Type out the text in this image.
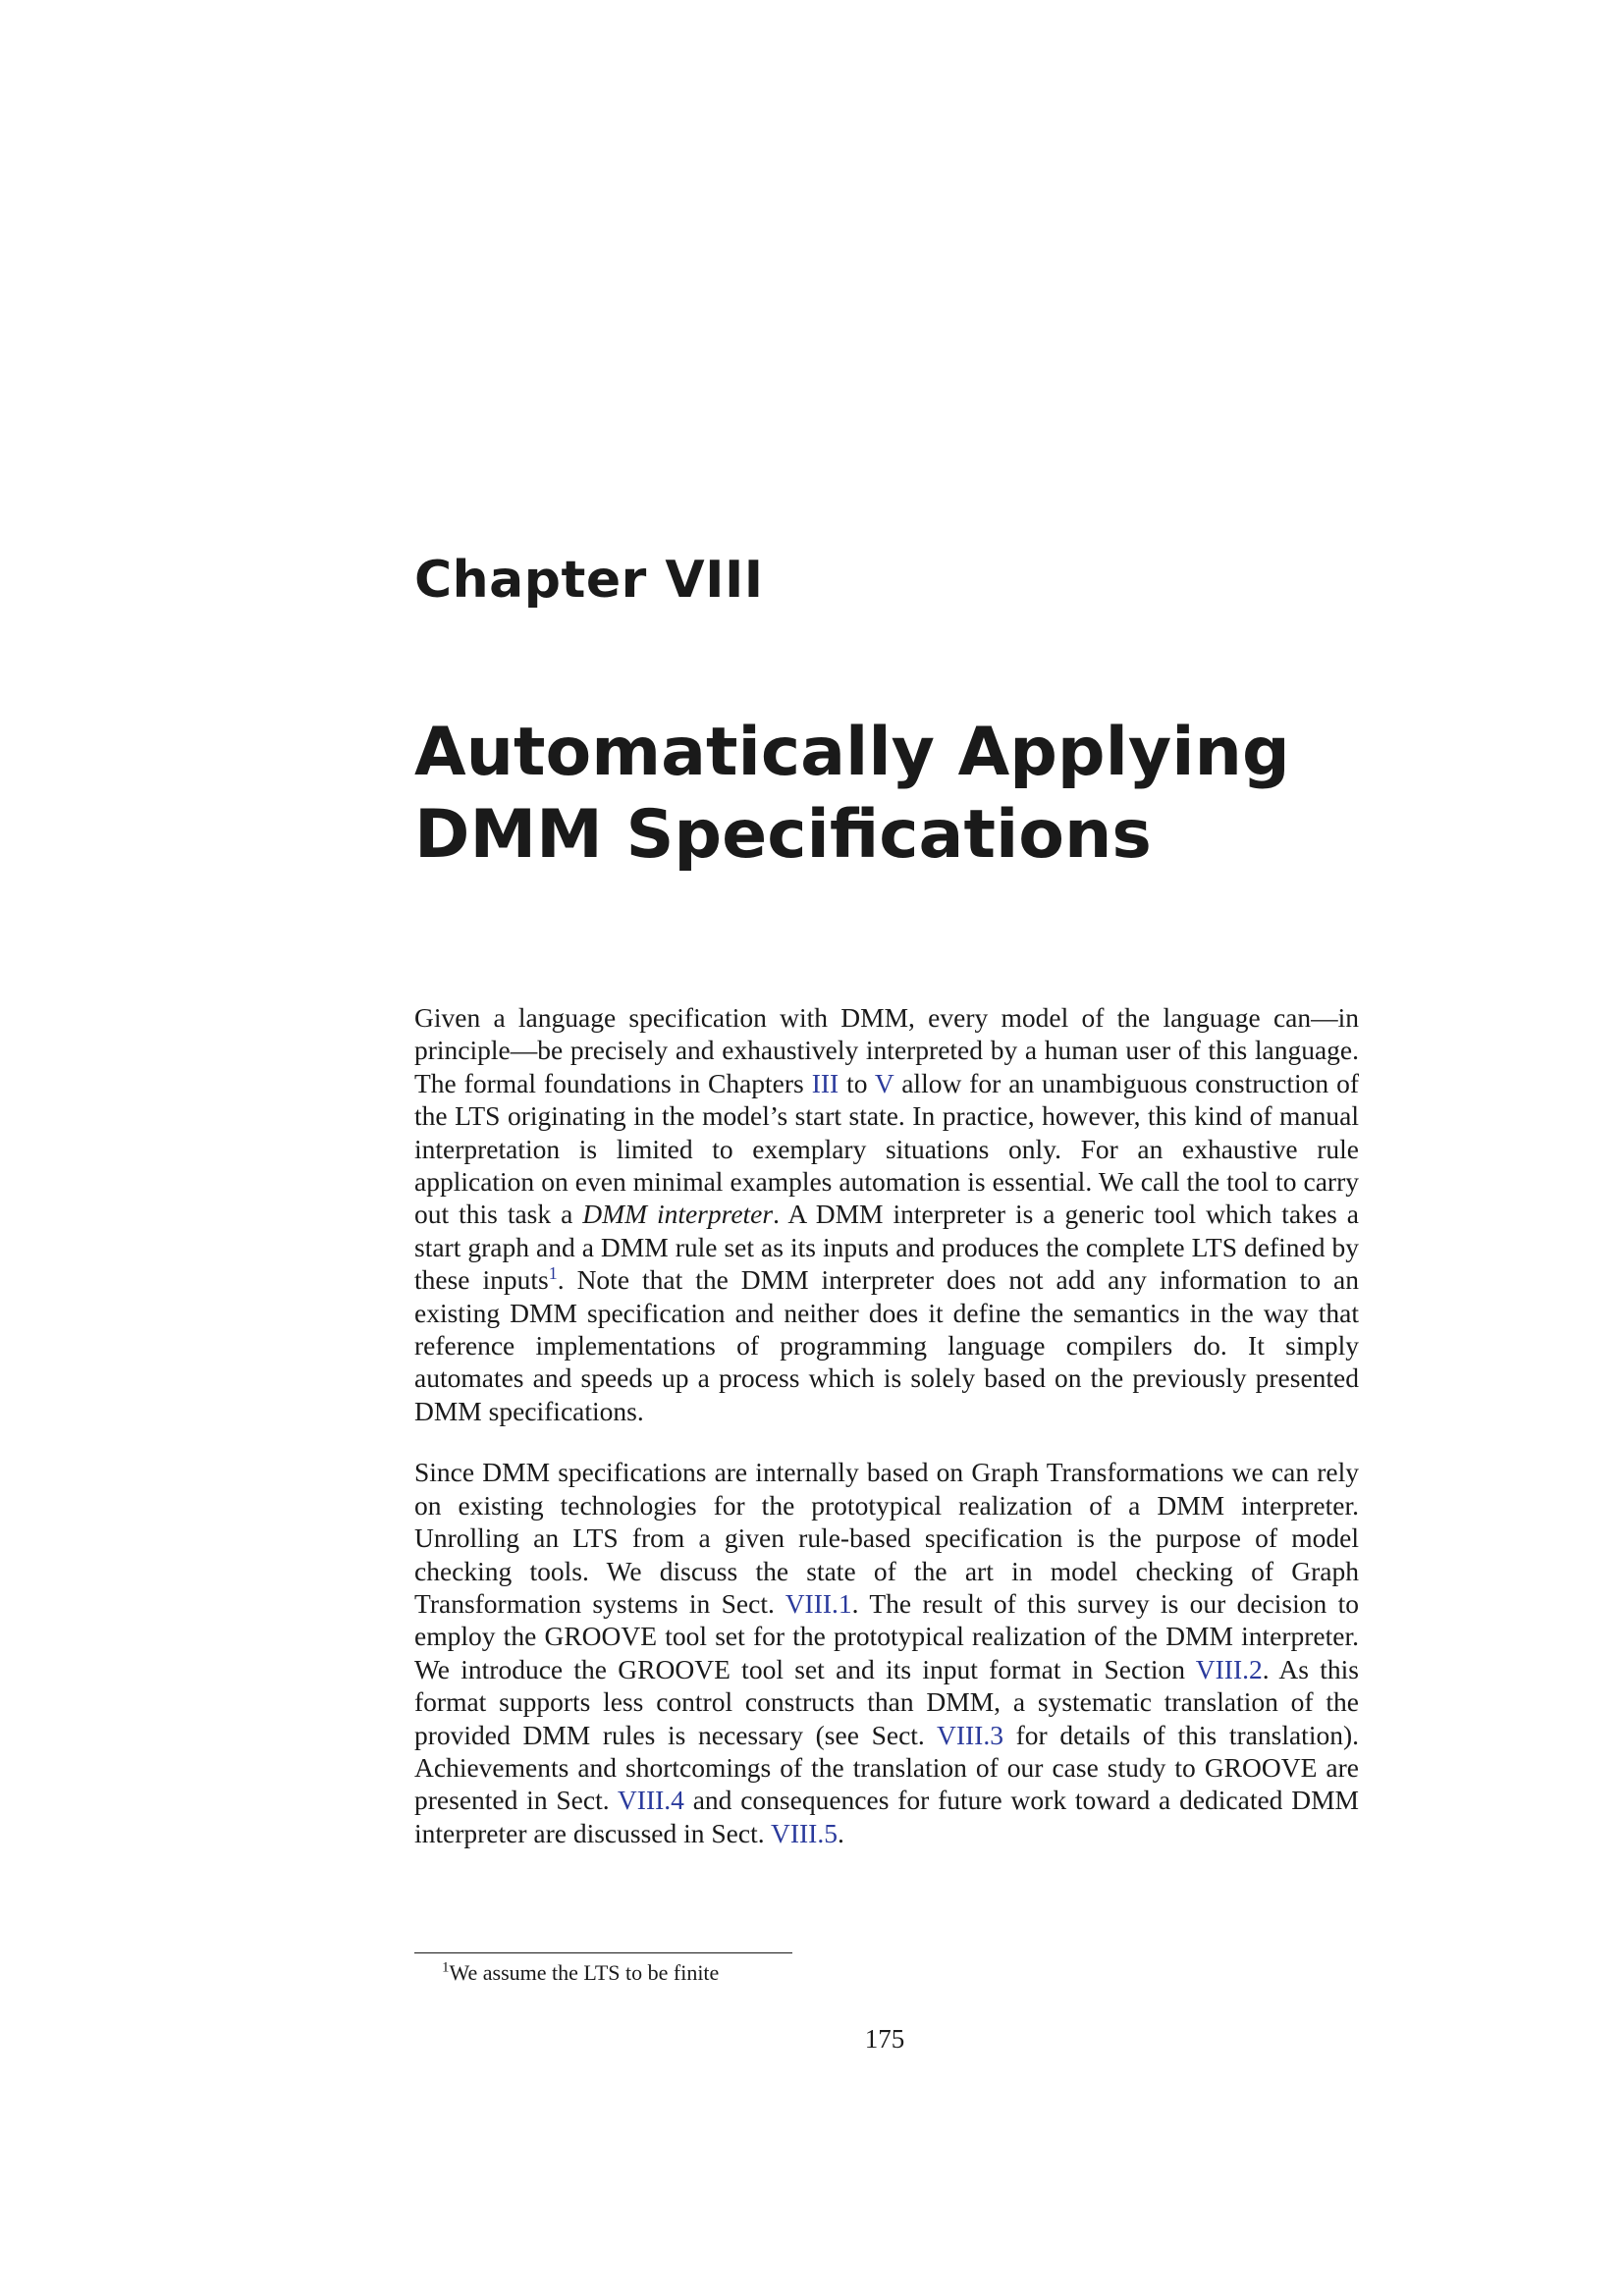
Chapter VIII
Automatically Applying DMM Specifications

Given a language specification with DMM, every model of the language can—in principle—be precisely and exhaustively interpreted by a human user of this language. The formal foundations in Chapters III to V allow for an unambiguous construction of the LTS originating in the model’s start state. In practice, however, this kind of manual interpretation is limited to exemplary situations only. For an exhaustive rule application on even minimal examples automation is essential. We call the tool to carry out this task a DMM interpreter. A DMM interpreter is a generic tool which takes a start graph and a DMM rule set as its inputs and produces the complete LTS defined by these inputs$^1$. Note that the DMM interpreter does not add any information to an existing DMM specification and neither does it define the semantics in the way that reference implementations of programming language compilers do. It simply automates and speeds up a process which is solely based on the previously presented DMM specifications.

Since DMM specifications are internally based on Graph Transformations we can rely on existing technologies for the prototypical realization of a DMM interpreter. Unrolling an LTS from a given rule-based specification is the purpose of model checking tools. We discuss the state of the art in model checking of Graph Transformation systems in Sect. VIII.1. The result of this survey is our decision to employ the GROOVE tool set for the prototypical realization of the DMM interpreter. We introduce the GROOVE tool set and its input format in Section VIII.2. As this format supports less control constructs than DMM, a systematic translation of the provided DMM rules is necessary (see Sect. VIII.3 for details of this translation). Achievements and shortcomings of the translation of our case study to GROOVE are presented in Sect. VIII.4 and consequences for future work toward a dedicated DMM interpreter are discussed in Sect. VIII.5.

$^1$We assume the LTS to be finite
175
